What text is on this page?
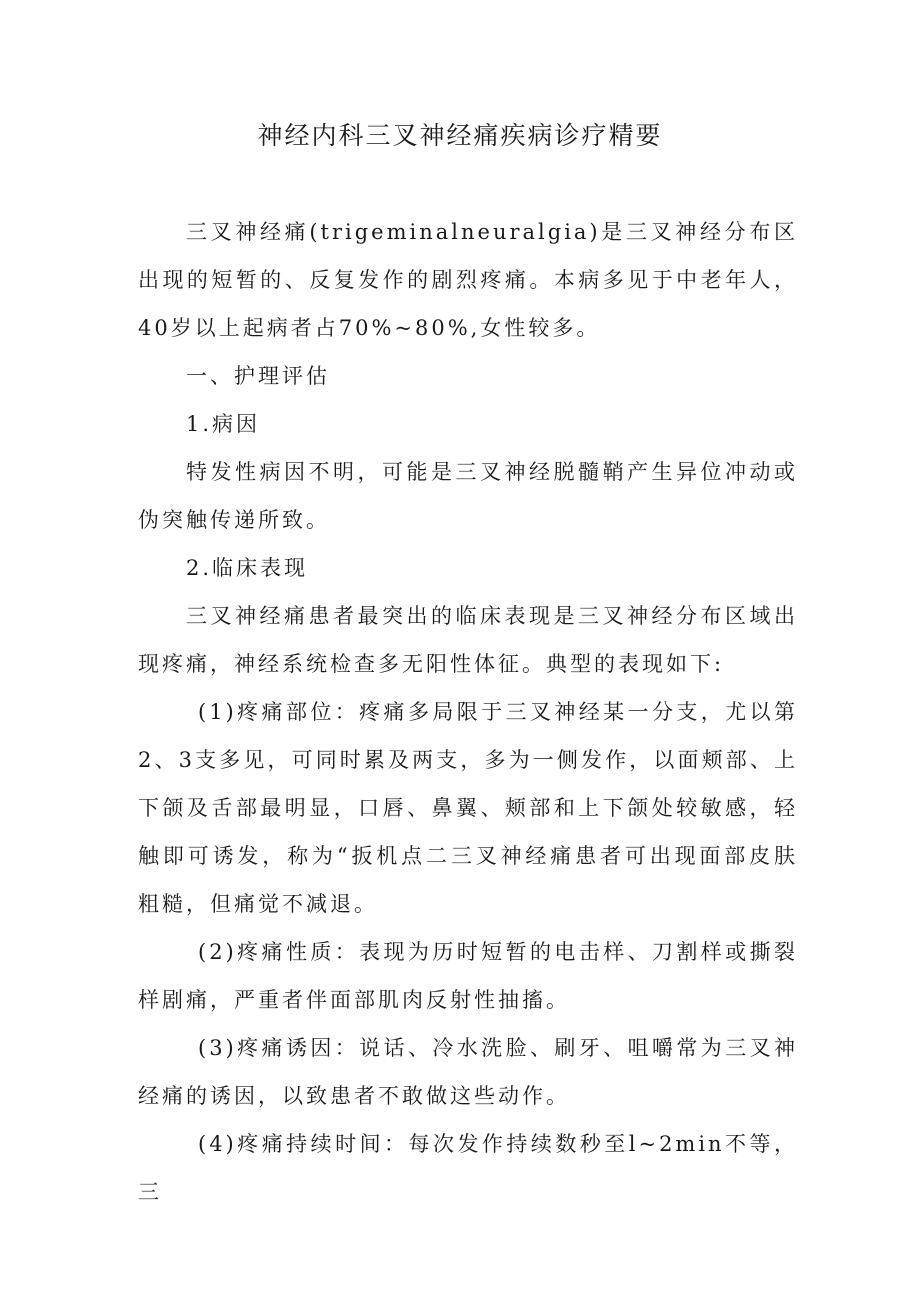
神经内科三叉神经痛疾病诊疗精要

三叉神经痛(trigeminalneuralgia)是三叉神经分布区出现的短暂的、反复发作的剧烈疼痛。本病多见于中老年人，40岁以上起病者占70%~80%,女性较多。

一、护理评估

1.病因

特发性病因不明，可能是三叉神经脱髓鞘产生异位冲动或伪突触传递所致。

2.临床表现

三叉神经痛患者最突出的临床表现是三叉神经分布区域出现疼痛，神经系统检查多无阳性体征。典型的表现如下:

(1)疼痛部位：疼痛多局限于三叉神经某一分支，尤以第2、3支多见，可同时累及两支，多为一侧发作，以面颊部、上下颌及舌部最明显，口唇、鼻翼、颊部和上下颌处较敏感，轻触即可诱发，称为“扳机点二三叉神经痛患者可出现面部皮肤粗糙，但痛觉不减退。

(2)疼痛性质：表现为历时短暂的电击样、刀割样或撕裂样剧痛，严重者伴面部肌肉反射性抽搐。

(3)疼痛诱因：说话、冷水洗脸、刷牙、咀嚼常为三叉神经痛的诱因，以致患者不敢做这些动作。

(4)疼痛持续时间：每次发作持续数秒至l~2min不等，三
